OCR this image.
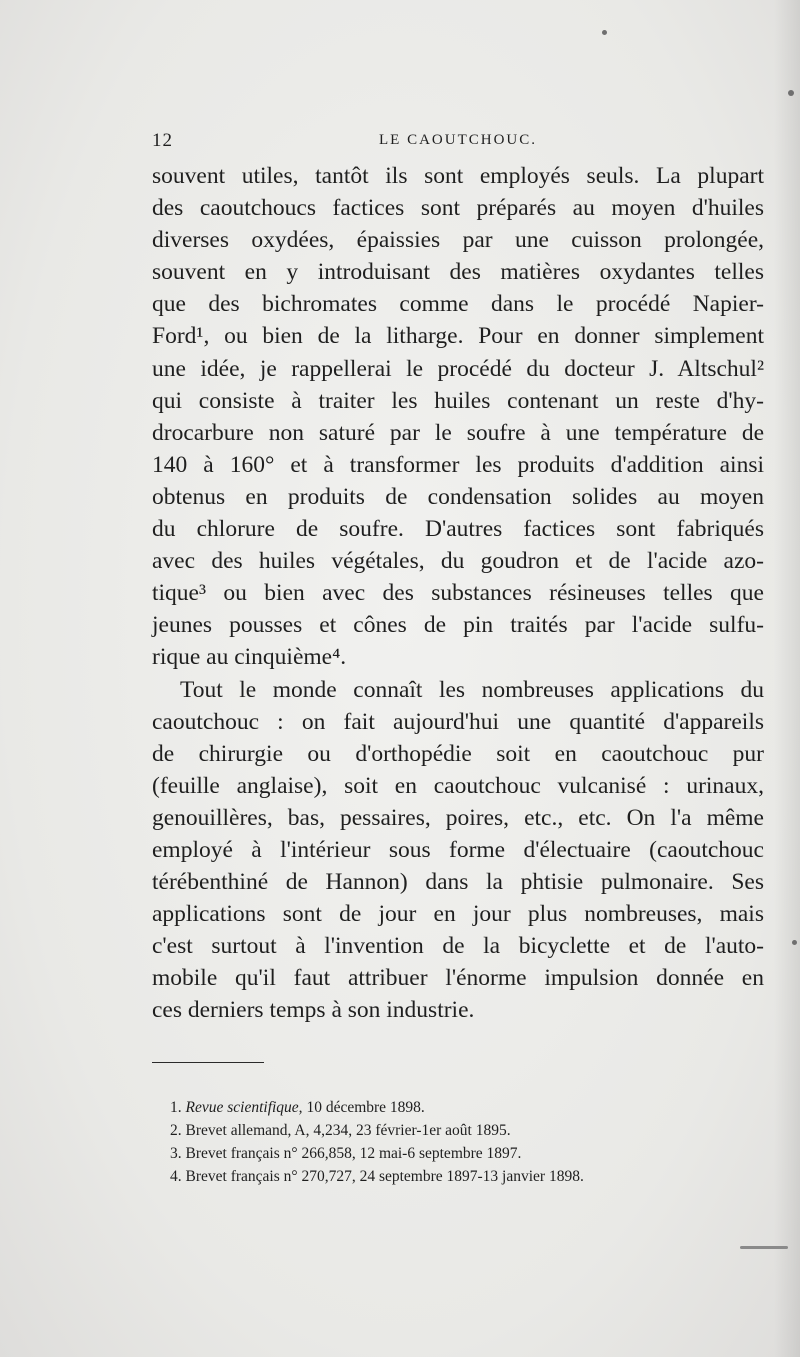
12	LE CAOUTCHOUC.
souvent utiles, tantôt ils sont employés seuls. La plupart
des caoutchoucs factices sont préparés au moyen d'huiles
diverses oxydées, épaissies par une cuisson prolongée,
souvent en y introduisant des matières oxydantes telles
que des bichromates comme dans le procédé Napier-
Ford¹, ou bien de la litharge. Pour en donner simplement
une idée, je rappellerai le procédé du docteur J. Altschul²
qui consiste à traiter les huiles contenant un reste d'hy-
drocarbure non saturé par le soufre à une température de
140 à 160° et à transformer les produits d'addition ainsi
obtenus en produits de condensation solides au moyen
du chlorure de soufre. D'autres factices sont fabriqués
avec des huiles végétales, du goudron et de l'acide azo-
tique³ ou bien avec des substances résineuses telles que
jeunes pousses et cônes de pin traités par l'acide sulfu-
rique au cinquième⁴.
Tout le monde connaît les nombreuses applications du
caoutchouc : on fait aujourd'hui une quantité d'appareils
de chirurgie ou d'orthopédie soit en caoutchouc pur
(feuille anglaise), soit en caoutchouc vulcanisé : urinaux,
genouillères, bas, pessaires, poires, etc., etc. On l'a même
employé à l'intérieur sous forme d'électuaire (caoutchouc
térébenthiné de Hannon) dans la phtisie pulmonaire. Ses
applications sont de jour en jour plus nombreuses, mais
c'est surtout à l'invention de la bicyclette et de l'auto-
mobile qu'il faut attribuer l'énorme impulsion donnée en
ces derniers temps à son industrie.
1. Revue scientifique, 10 décembre 1898.
2. Brevet allemand, A, 4,234, 23 février-1er août 1895.
3. Brevet français n° 266,858, 12 mai-6 septembre 1897.
4. Brevet français n° 270,727, 24 septembre 1897-13 janvier 1898.
